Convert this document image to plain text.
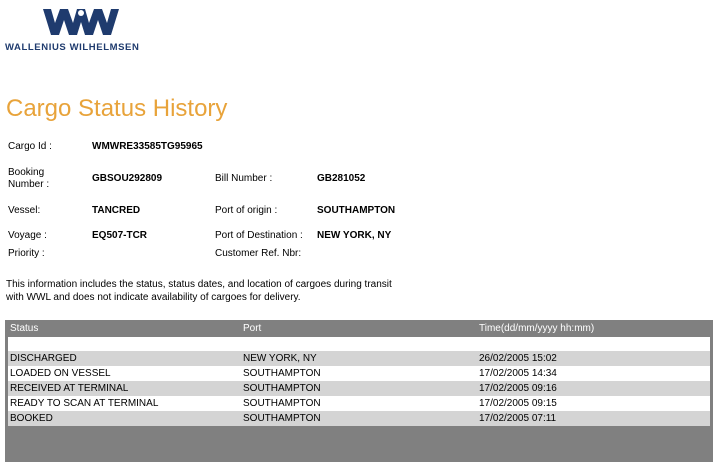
WALLENIUS WILHELMSEN
Cargo Status History
Cargo Id :	WMWRE33585TG95965
Booking
Number :
GBSOU292809	Bill Number :	GB281052
Vessel:	TANCRED	Port of origin :	SOUTHAMPTON
Voyage :	EQ507-TCR	Port of Destination : NEW YORK, NY
Priority :	Customer Ref. Nbr:
This information includes the status, status dates, and location of cargoes during transit
with WWL and does not indicate availability of cargoes for delivery.
Status	Port	Time(dd/mm/yyyy hh:mm)
DISCHARGED	NEW YORK, NY	26/02/2005 15:02
LOADED ON VESSEL	SOUTHAMPTON	17/02/2005 14:34
RECEIVED AT TERMINAL	SOUTHAMPTON	17/02/2005 09:16
READY TO SCAN AT TERMINAL	SOUTHAMPTON	17/02/2005 09:15
BOOKED	SOUTHAMPTON	17/02/2005 07:11
